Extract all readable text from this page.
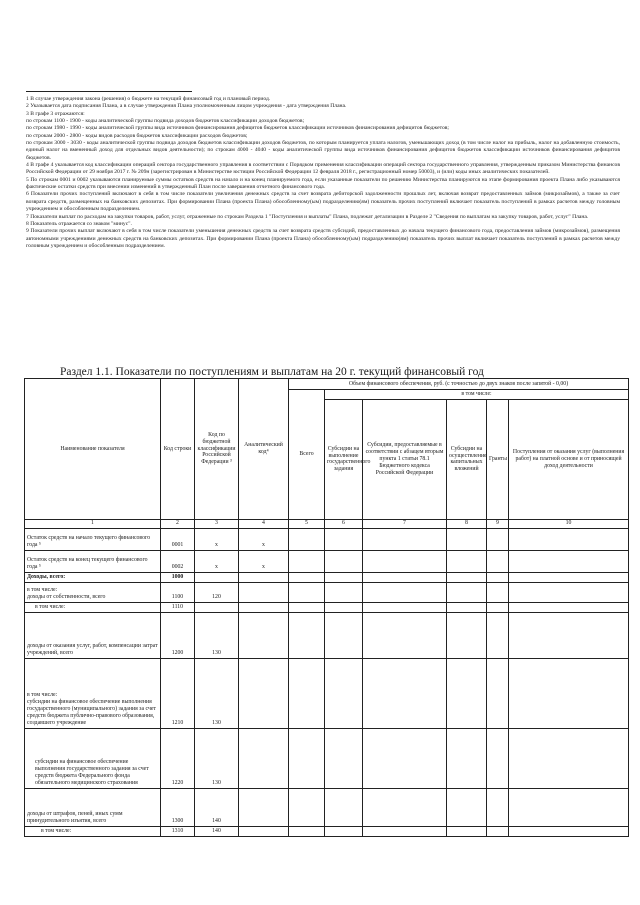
1 В случае утверждения закона (решения) о бюджете на текущий финансовый год и плановый период.

2 Указывается дата подписания Плана, а в случае утверждения Плана уполномоченным лицом учреждения - дата утверждения Плана.

3 В графе 3 отражаются:

по строкам 1100 - 1900 - коды аналитической группы подвида доходов бюджетов классификации доходов бюджетов;

по строкам 1980 - 1990 - коды аналитической группы вида источников финансирования дефицитов бюджетов классификации источников финансирования дефицитов бюджетов;

по строкам 2000 - 2800 - коды видов расходов бюджетов классификации расходов бюджетов;

по строкам 3000 - 3030 - коды аналитической группы подвида доходов бюджетов классификации доходов бюджетов, по которым планируется уплата налогов, уменьшающих доход (в том числе налог на прибыль, налог на добавленную стоимость, единый налог на вмененный доход для отдельных видов деятельности); по строкам 4000 - 4040 - коды аналитической группы вида источников финансирования дефицитов бюджетов классификации источников финансирования дефицитов бюджетов.

4 В графе 4 указывается код классификации операций сектора государственного управления в соответствии с Порядком применения классификации операций сектора государственного управления, утвержденным приказом Министерства финансов Российской Федерации от 29 ноября 2017 г. № 209н (зарегистрирован в Министерстве юстиции Российской Федерации 12 февраля 2018 г., регистрационный номер 50003), и (или) коды иных аналитических показателей.

5 По строкам 0001 и 0002 указываются планируемые суммы остатков средств на начало и на конец планируемого года, если указанные показатели по решению Министерства планируются на этапе формирования проекта Плана либо указываются фактические остатки средств при внесении изменений в утвержденный План после завершения отчетного финансового года.

6 Показатели прочих поступлений включают в себя в том числе показатели увеличения денежных средств за счет возврата дебиторской задолженности прошлых лет, включая возврат предоставленных займов (микрозаймов), а также за счет возврата средств, размещенных на банковских депозитах. При формировании Плана (проекта Плана) обособленному(ым) подразделению(ям) показатель прочих поступлений включает показатель поступлений в рамках расчетов между головным учреждением и обособленным подразделением.

7 Показатели выплат по расходам на закупки товаров, работ, услуг, отраженные по строкам Раздела 1 "Поступления и выплаты" Плана, подлежат детализации в Разделе 2 "Сведения по выплатам на закупку товаров, работ, услуг" Плана.

8 Показатель отражается со знаком "минус".

9 Показатели прочих выплат включают в себя в том числе показатели уменьшения денежных средств за счет возврата средств субсидий, предоставленных до начала текущего финансового года, предоставления займов (микрозаймов), размещения автономными учреждениями денежных средств на банковских депозитах. При формировании Плана (проекта Плана) обособленному(ым) подразделению(ям) показатель прочих выплат включает показатель поступлений в рамках расчетов между головным учреждением и обособленным подразделением.

Раздел 1.1. Показатели по поступлениям и выплатам на 20 г. текущий финансовый год
Наименование показателя	Код строки	Код по бюджетной классификации Российской Федерации ³	Аналитический код⁴	Объем финансового обеспечения, руб. (с точностью до двух знаков после запятой - 0,00)					
				Всего	в том числе:				
					Субсидии на выполнение государственного задания	Субсидии, предоставляемые в соответствии с абзацем вторым пункта 1 статьи 78.1 Бюджетного кодекса Российской Федерации	Субсидии на осуществление капитальных вложений	Гранты	Поступления от оказания услуг (выполнения работ) на платной основе и от приносящей доход деятельности
1	2	3	4	5	6	7	8	9	10
Остаток средств на начало текущего финансового года ⁵	0001	x	x						
Остаток средств на конец текущего финансового года ⁵	0002	x	x						
Доходы, всего:	1000								
в том числе:
доходы от собственности, всего	1100	120							
в том числе:	1110								
доходы от оказания услуг, работ, компенсации затрат учреждений, всего	1200	130							
в том числе:
субсидии на финансовое обеспечение выполнения государственного (муниципального) задания за счет средств бюджета публично-правового образования, создавшего учреждение	1210	130							
субсидии на финансовое обеспечение выполнения государственного задания за счет средств бюджета Федерального фонда обязательного медицинского страхования	1220	130							
доходы от штрафов, пеней, иных сумм принудительного изъятия, всего	1300	140							
в том числе:	1310	140							
